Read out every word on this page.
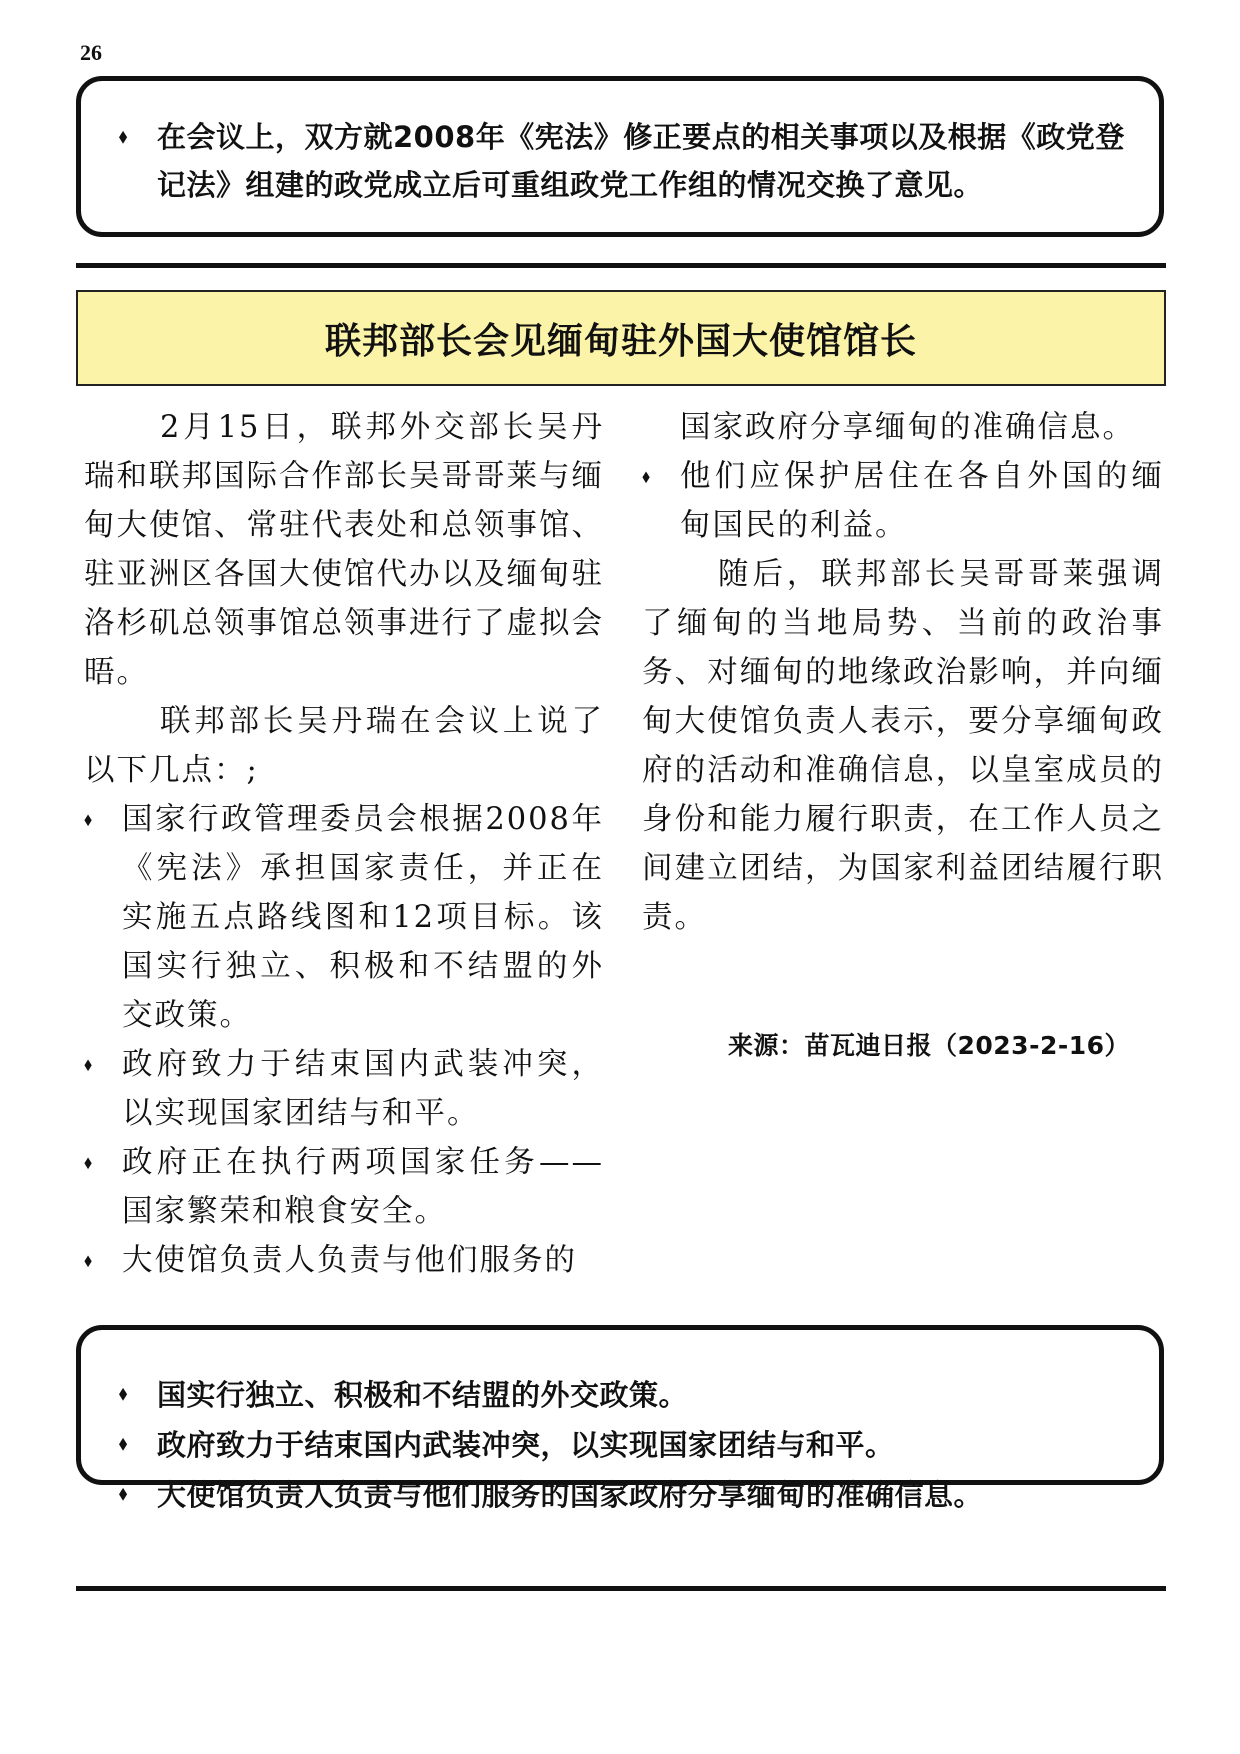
26
⬧ 在会议上，双方就2008年《宪法》修正要点的相关事项以及根据《政党登记法》组建的政党成立后可重组政党工作组的情况交换了意见。
联邦部长会见缅甸驻外国大使馆馆长

2月15日，联邦外交部长吴丹瑞和联邦国际合作部长吴哥哥莱与缅甸大使馆、常驻代表处和总领事馆、驻亚洲区各国大使馆代办以及缅甸驻洛杉矶总领事馆总领事进行了虚拟会晤。

联邦部长吴丹瑞在会议上说了以下几点：;

⬧ 国家行政管理委员会根据2008年《宪法》承担国家责任，并正在实施五点路线图和12项目标。该国实行独立、积极和不结盟的外交政策。
⬧ 政府致力于结束国内武装冲突，以实现国家团结与和平。
⬧ 政府正在执行两项国家任务——国家繁荣和粮食安全。
⬧ 大使馆负责人负责与他们服务的

国家政府分享缅甸的准确信息。

⬧ 他们应保护居住在各自外国的缅甸国民的利益。

随后，联邦部长吴哥哥莱强调了缅甸的当地局势、当前的政治事务、对缅甸的地缘政治影响，并向缅甸大使馆负责人表示，要分享缅甸政府的活动和准确信息，以皇室成员的身份和能力履行职责，在工作人员之间建立团结，为国家利益团结履行职责。

来源：苗瓦迪日报（2023-2-16）
⬧ 国实行独立、积极和不结盟的外交政策。
⬧ 政府致力于结束国内武装冲突，以实现国家团结与和平。
⬧ 大使馆负责人负责与他们服务的国家政府分享缅甸的准确信息。
